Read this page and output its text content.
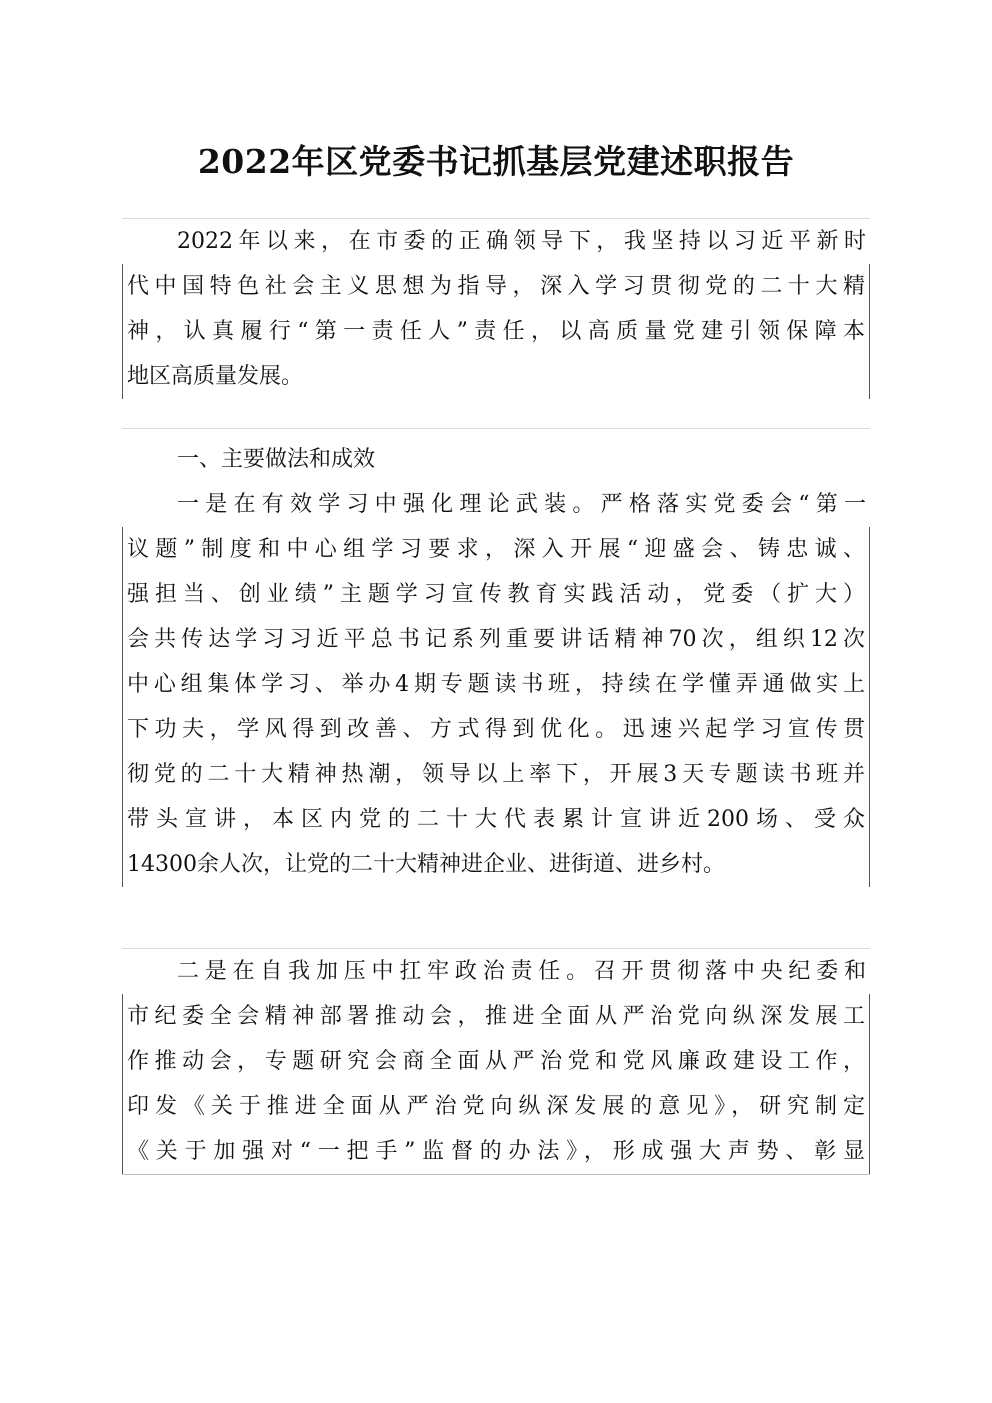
2022年区党委书记抓基层党建述职报告
2022年以来，在市委的正确领导下，我坚持以习近平新时
代中国特色社会主义思想为指导，深入学习贯彻党的二十大精
神，认真履行“第一责任人”责任，以高质量党建引领保障本
地区高质量发展。
一、主要做法和成效
一是在有效学习中强化理论武装。严格落实党委会“第一
议题”制度和中心组学习要求，深入开展“迎盛会、铸忠诚、
强担当、创业绩”主题学习宣传教育实践活动，党委（扩大）
会共传达学习习近平总书记系列重要讲话精神70次，组织12次
中心组集体学习、举办4期专题读书班，持续在学懂弄通做实上
下功夫，学风得到改善、方式得到优化。迅速兴起学习宣传贯
彻党的二十大精神热潮，领导以上率下，开展3天专题读书班并
带头宣讲，本区内党的二十大代表累计宣讲近200场、受众
14300余人次，让党的二十大精神进企业、进街道、进乡村。
二是在自我加压中扛牢政治责任。召开贯彻落中央纪委和
市纪委全会精神部署推动会，推进全面从严治党向纵深发展工
作推动会，专题研究会商全面从严治党和党风廉政建设工作，
印发《关于推进全面从严治党向纵深发展的意见》，研究制定
《关于加强对“一把手”监督的办法》，形成强大声势、彰显
